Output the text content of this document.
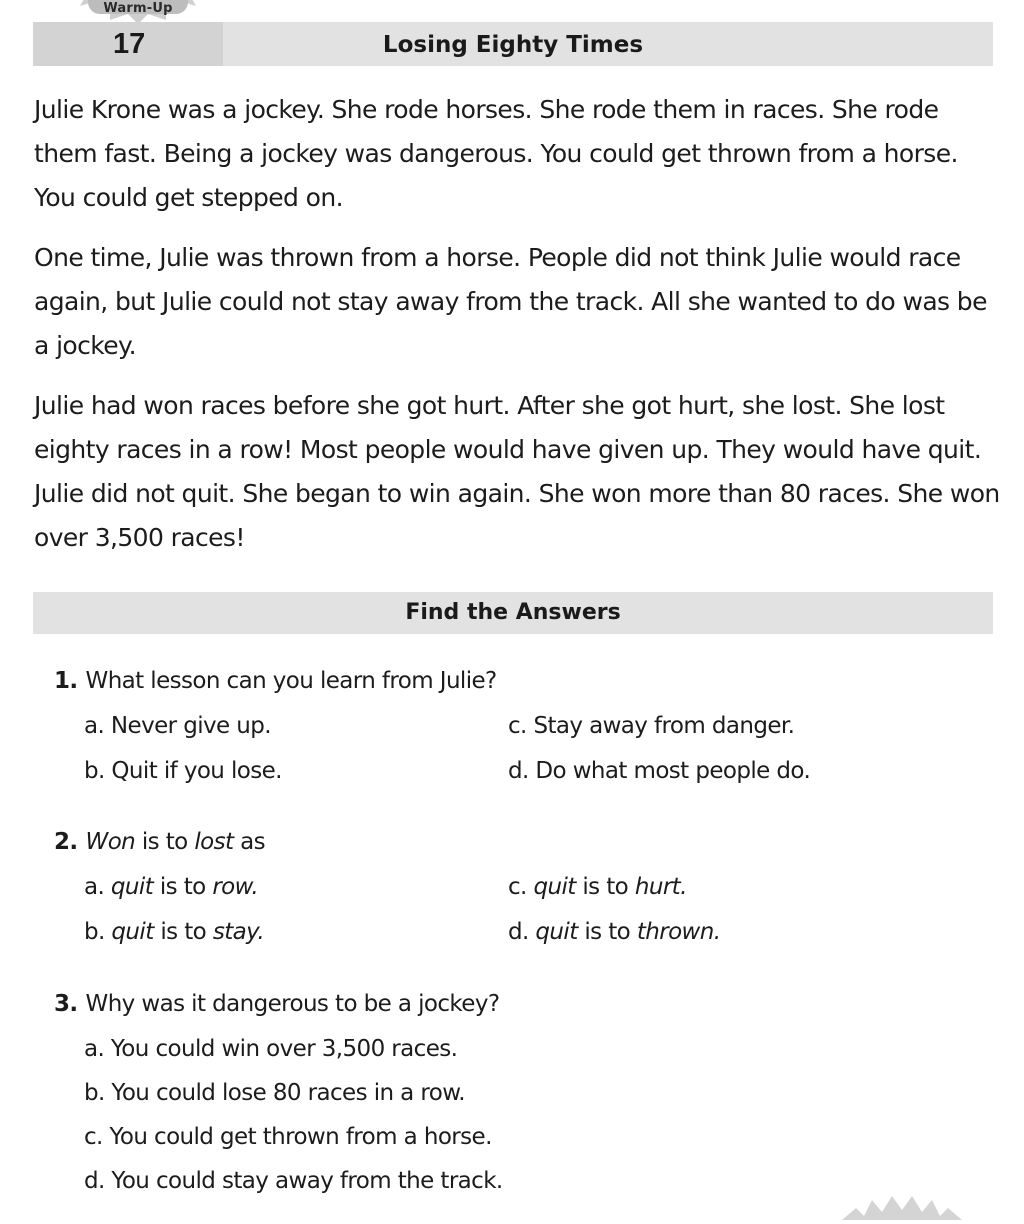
Warm-Up
17	Losing Eighty Times

Julie Krone was a jockey. She rode horses. She rode them in races. She rode them fast. Being a jockey was dangerous. You could get thrown from a horse. You could get stepped on.

One time, Julie was thrown from a horse. People did not think Julie would race again, but Julie could not stay away from the track. All she wanted to do was be a jockey.

Julie had won races before she got hurt. After she got hurt, she lost. She lost eighty races in a row! Most people would have given up. They would have quit. Julie did not quit. She began to win again. She won more than 80 races. She won over 3,500 races!

Find the Answers
1. What lesson can you learn from Julie?
a. Never give up.
b. Quit if you lose.
c. Stay away from danger.
d. Do what most people do.
2. Won is to lost as
a. quit is to row.
b. quit is to stay.
c. quit is to hurt.
d. quit is to thrown.
3. Why was it dangerous to be a jockey?
a. You could win over 3,500 races.
b. You could lose 80 races in a row.
c. You could get thrown from a horse.
d. You could stay away from the track.
